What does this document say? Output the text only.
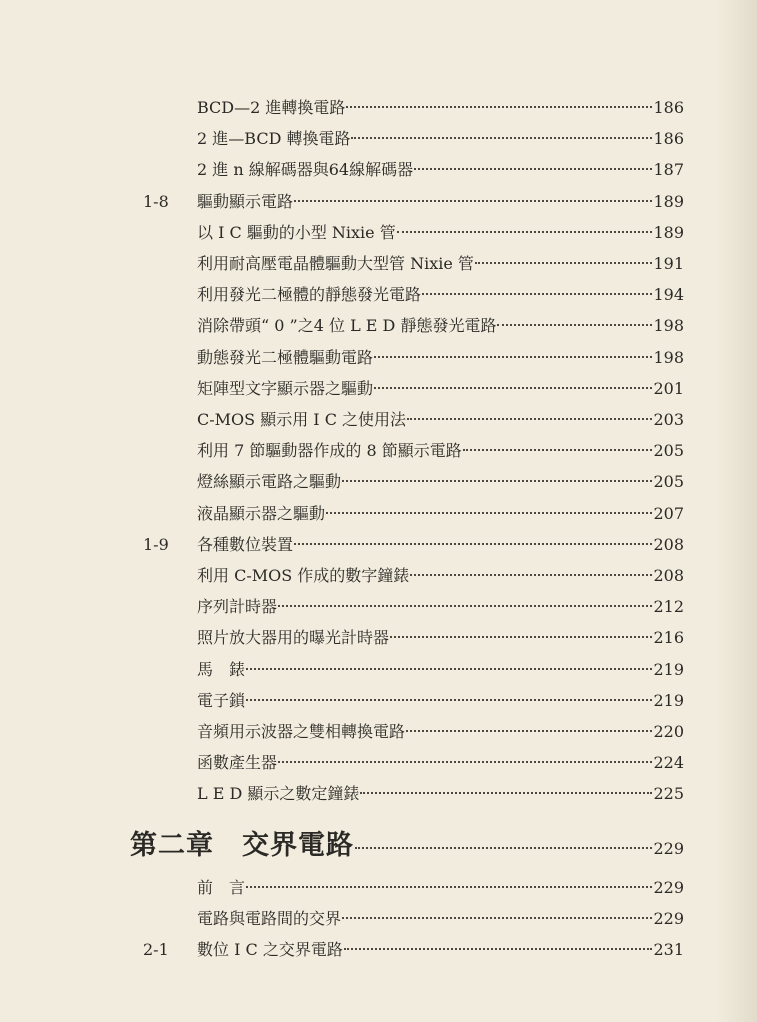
BCD—2 進轉換電路	186
2 進—BCD 轉換電路	186
2 進 n 線解碼器與64線解碼器	187
1-8 驅動顯示電路	189
以 I C 驅動的小型 Nixie 管	189
利用耐高壓電晶體驅動大型管 Nixie 管	191
利用發光二極體的靜態發光電路	194
消除帶頭“ 0 ”之4 位 L E D 靜態發光電路	198
動態發光二極體驅動電路	198
矩陣型文字顯示器之驅動	201
C-MOS 顯示用 I C 之使用法	203
利用 7 節驅動器作成的 8 節顯示電路	205
燈絲顯示電路之驅動	205
液晶顯示器之驅動	207
1-9 各種數位裝置	208
利用 C-MOS 作成的數字鐘錶	208
序列計時器	212
照片放大器用的曝光計時器	216
馬　錶	219
電子鎖	219
音頻用示波器之雙相轉換電路	220
函數產生器	224
L E D 顯示之數定鐘錶	225
第二章　交界電路	229
前　言	229
電路與電路間的交界	229
2-1 數位 I C 之交界電路	231
